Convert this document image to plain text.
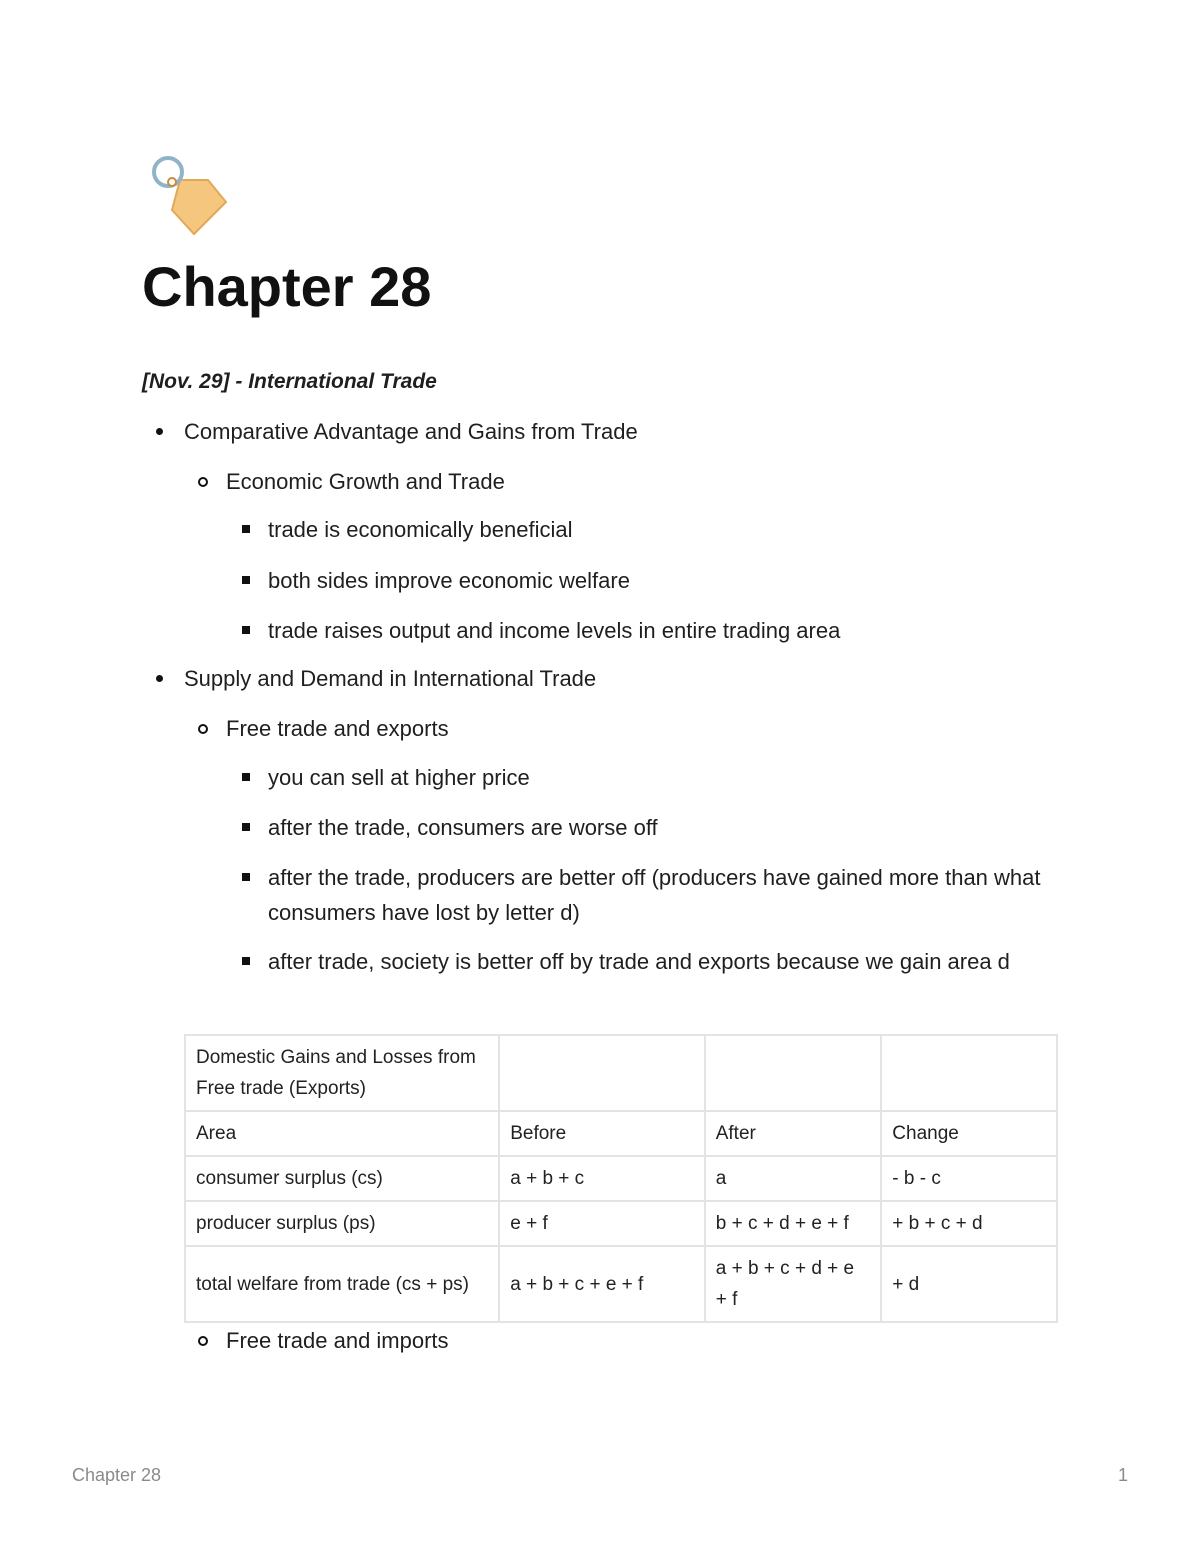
Chapter 28
[Nov. 29] - International Trade
Comparative Advantage and Gains from Trade
Economic Growth and Trade
trade is economically beneficial
both sides improve economic welfare
trade raises output and income levels in entire trading area
Supply and Demand in International Trade
Free trade and exports
you can sell at higher price
after the trade, consumers are worse off
after the trade, producers are better off (producers have gained more than what consumers have lost by letter d)
after trade, society is better off by trade and exports because we gain area d
Free trade and imports
Domestic Gains and Losses from Free trade (Exports)			
Area	Before	After	Change
consumer surplus (cs)	a + b + c	a	- b - c
producer surplus (ps)	e + f	b + c + d + e + f	+ b + c + d
total welfare from trade (cs + ps)	a + b + c + e + f	a + b + c + d + e + f	+ d
Chapter 28	1
